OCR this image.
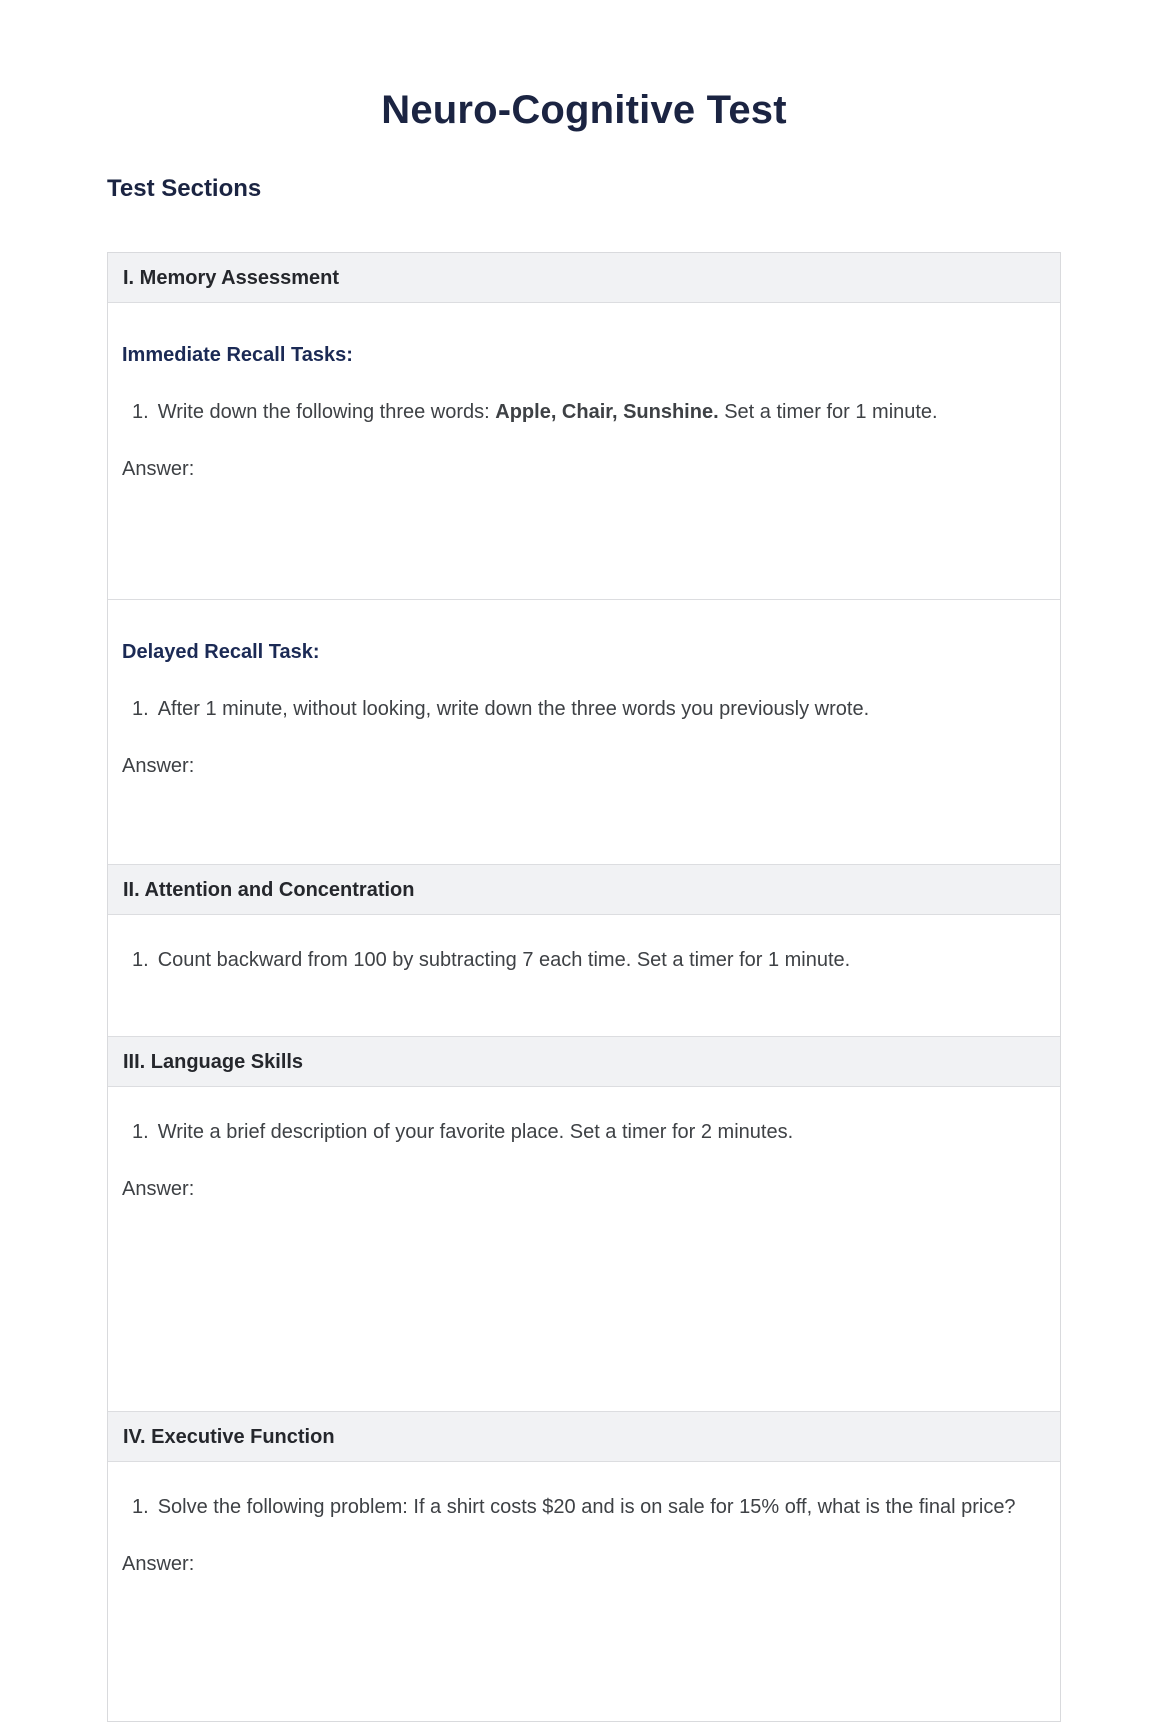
Neuro-Cognitive Test
Test Sections
I. Memory Assessment
Immediate Recall Tasks:
1. Write down the following three words: Apple, Chair, Sunshine. Set a timer for 1 minute.
Answer:
Delayed Recall Task:
1. After 1 minute, without looking, write down the three words you previously wrote.
Answer:
II. Attention and Concentration
1. Count backward from 100 by subtracting 7 each time. Set a timer for 1 minute.
III. Language Skills
1. Write a brief description of your favorite place. Set a timer for 2 minutes.
Answer:
IV. Executive Function
1. Solve the following problem: If a shirt costs $20 and is on sale for 15% off, what is the final price?
Answer:
